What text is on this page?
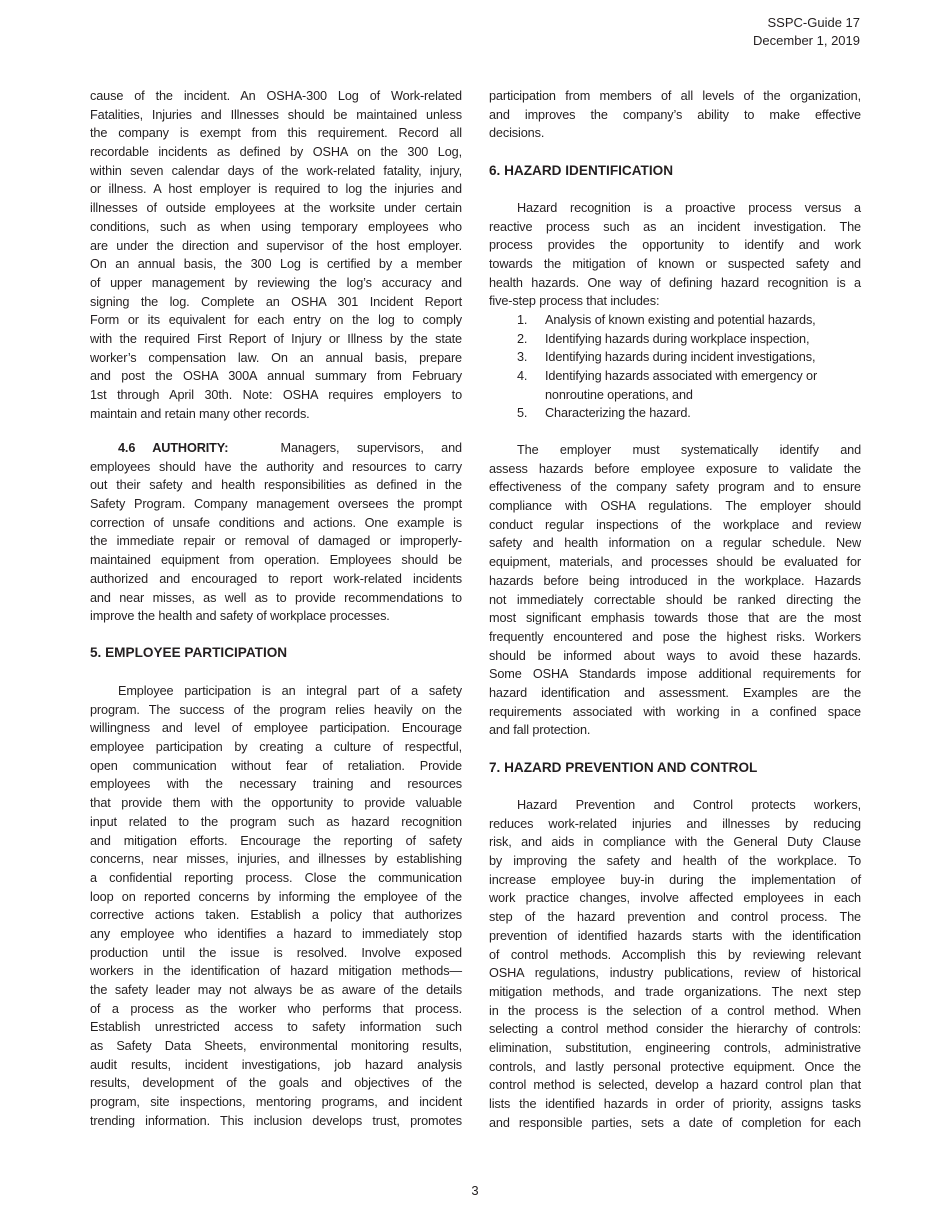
SSPC-Guide 17
December 1, 2019
cause of the incident. An OSHA-300 Log of Work-related
Fatalities, Injuries and Illnesses should be maintained unless
the company is exempt from this requirement. Record all
recordable incidents as defined by OSHA on the 300 Log,
within seven calendar days of the work-related fatality, injury,
or illness. A host employer is required to log the injuries and
illnesses of outside employees at the worksite under certain
conditions, such as when using temporary employees who
are under the direction and supervisor of the host employer.
On an annual basis, the 300 Log is certified by a member
of upper management by reviewing the log’s accuracy and
signing the log. Complete an OSHA 301 Incident Report
Form or its equivalent for each entry on the log to comply
with the required First Report of Injury or Illness by the state
worker’s compensation law. On an annual basis, prepare
and post the OSHA 300A annual summary from February
1st through April 30th. Note: OSHA requires employers to
maintain and retain many other records.
4.6 AUTHORITY:	Managers, supervisors, and
employees should have the authority and resources to carry
out their safety and health responsibilities as defined in the
Safety Program. Company management oversees the prompt
correction of unsafe conditions and actions. One example is
the immediate repair or removal of damaged or improperly-
maintained equipment from operation. Employees should be
authorized and encouraged to report work-related incidents
and near misses, as well as to provide recommendations to
improve the health and safety of workplace processes.
5. EMPLOYEE PARTICIPATION
Employee participation is an integral part of a safety
program. The success of the program relies heavily on the
willingness and level of employee participation. Encourage
employee participation by creating a culture of respectful,
open communication without fear of retaliation. Provide
employees with the necessary training and resources
that provide them with the opportunity to provide valuable
input related to the program such as hazard recognition
and mitigation efforts. Encourage the reporting of safety
concerns, near misses, injuries, and illnesses by establishing
a confidential reporting process. Close the communication
loop on reported concerns by informing the employee of the
corrective actions taken. Establish a policy that authorizes
any employee who identifies a hazard to immediately stop
production until the issue is resolved. Involve exposed
workers in the identification of hazard mitigation methods—
the safety leader may not always be as aware of the details
of a process as the worker who performs that process.
Establish unrestricted access to safety information such
as Safety Data Sheets, environmental monitoring results,
audit results, incident investigations, job hazard analysis
results, development of the goals and objectives of the
program, site inspections, mentoring programs, and incident
trending information. This inclusion develops trust, promotes
participation from members of all levels of the organization,
and improves the company’s ability to make effective
decisions.
6. HAZARD IDENTIFICATION
Hazard recognition is a proactive process versus a
reactive process such as an incident investigation. The
process provides the opportunity to identify and work
towards the mitigation of known or suspected safety and
health hazards. One way of defining hazard recognition is a
five-step process that includes:
1. Analysis of known existing and potential hazards,
2. Identifying hazards during workplace inspection,
3. Identifying hazards during incident investigations,
4. Identifying hazards associated with emergency or
nonroutine operations, and
5. Characterizing the hazard.
The employer must systematically identify and
assess hazards before employee exposure to validate the
effectiveness of the company safety program and to ensure
compliance with OSHA regulations. The employer should
conduct regular inspections of the workplace and review
safety and health information on a regular schedule. New
equipment, materials, and processes should be evaluated for
hazards before being introduced in the workplace. Hazards
not immediately correctable should be ranked directing the
most significant emphasis towards those that are the most
frequently encountered and pose the highest risks. Workers
should be informed about ways to avoid these hazards.
Some OSHA Standards impose additional requirements for
hazard identification and assessment. Examples are the
requirements associated with working in a confined space
and fall protection.
7. HAZARD PREVENTION AND CONTROL
Hazard Prevention and Control protects workers,
reduces work-related injuries and illnesses by reducing
risk, and aids in compliance with the General Duty Clause
by improving the safety and health of the workplace. To
increase employee buy-in during the implementation of
work practice changes, involve affected employees in each
step of the hazard prevention and control process. The
prevention of identified hazards starts with the identification
of control methods. Accomplish this by reviewing relevant
OSHA regulations, industry publications, review of historical
mitigation methods, and trade organizations. The next step
in the process is the selection of a control method. When
selecting a control method consider the hierarchy of controls:
elimination, substitution, engineering controls, administrative
controls, and lastly personal protective equipment. Once the
control method is selected, develop a hazard control plan that
lists the identified hazards in order of priority, assigns tasks
and responsible parties, sets a date of completion for each
3
